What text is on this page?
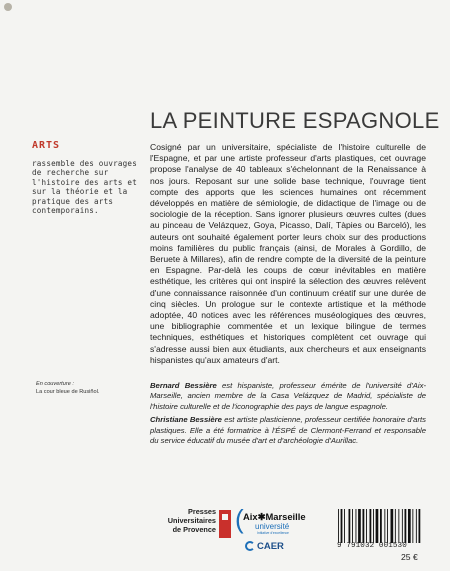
LA PEINTURE ESPAGNOLE
ARTS
rassemble des ouvrages de recherche sur l'histoire des arts et sur la théorie et la pratique des arts contemporains.
Cosigné par un universitaire, spécialiste de l'histoire culturelle de l'Espagne, et par une artiste professeur d'arts plastiques, cet ouvrage propose l'analyse de 40 tableaux s'échelonnant de la Renaissance à nos jours. Reposant sur une solide base technique, l'ouvrage tient compte des apports que les sciences humaines ont récemment développés en matière de sémiologie, de didactique de l'image ou de sociologie de la réception. Sans ignorer plusieurs œuvres cultes (dues au pinceau de Velázquez, Goya, Picasso, Dalí, Tàpies ou Barceló), les auteurs ont souhaité également porter leurs choix sur des productions moins familières du public français (ainsi, de Morales à Gordillo, de Beruete à Millares), afin de rendre compte de la diversité de la peinture en Espagne. Par-delà les coups de cœur inévitables en matière esthétique, les critères qui ont inspiré la sélection des œuvres relèvent d'une connaissance raisonnée d'un continuum créatif sur une durée de cinq siècles. Un prologue sur le contexte artistique et la méthode adoptée, 40 notices avec les références muséologiques des œuvres, une bibliographie commentée et un lexique bilingue de termes techniques, esthétiques et historiques complètent cet ouvrage qui s'adresse aussi bien aux étudiants, aux chercheurs et aux enseignants hispanistes qu'aux amateurs d'art.
En couverture :
La cour bleue de Rusiñol.

Bernard Bessière est hispaniste, professeur émérite de l'université d'Aix-Marseille, ancien membre de la Casa Velázquez de Madrid, spécialiste de l'histoire culturelle et de l'iconographie des pays de langue espagnole.

Christiane Bessière est artiste plasticienne, professeur certifiée honoraire d'arts plastiques. Elle a été formatrice à l'ÉSPÉ de Clermont-Ferrand et responsable du service éducatif du musée d'art et d'archéologie d'Aurillac.

Presses
Universitaires
de Provence ( Aix✱Marseille
université
Initiative d'excellence
CAER	9 791032 001530
25 €
